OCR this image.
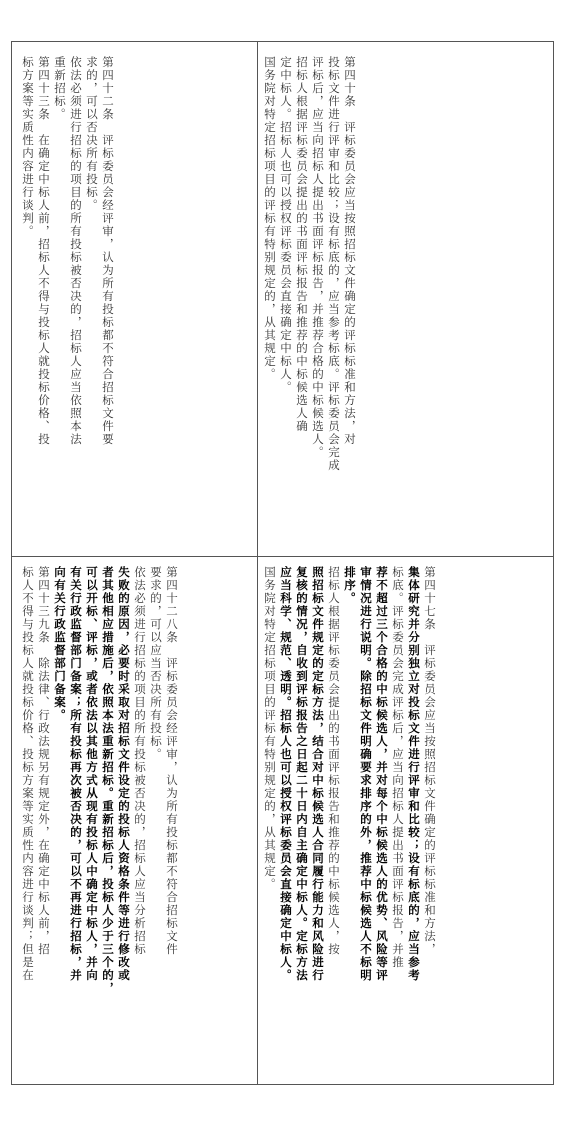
第四十二条　评标委员会经评审，认为所有投标都不符合招标文件要
求的，可以否决所有投标。
依法必须进行招标的项目的所有投标被否决的，招标人应当依照本法
重新招标。
第四十三条　在确定中标人前，招标人不得与投标人就投标价格、投
标方案等实质性内容进行谈判。	第四十条　评标委员会应当按照招标文件确定的评标标准和方法，对
投标文件进行评审和比较；设有标底的，应当参考标底。评标委员会完成
评标后，应当向招标人提出书面评标报告，并推荐合格的中标候选人。
招标人根据评标委员会提出的书面评标报告和推荐的中标候选人确
定中标人。招标人也可以授权评标委员会直接确定中标人。
国务院对特定招标项目的评标有特别规定的，从其规定。
第四十七条　评标委员会应当按照招标文件确定的评标标准和方法，
集体研究并分别独立对投标文件进行评审和比较；设有标底的，应当参考
标底。评标委员会完成评标后，应当向招标人提出书面评标报告，并推
荐不超过三个合格的中标候选人，并对每个中标候选人的优势、风险等评
审情况进行说明。除招标文件明确要求排序的外，推荐中标候选人不标明
排序。
招标人根据评标委员会提出的书面评标报告和推荐的中标候选人，按
照招标文件规定的定标方法，结合对中标候选人合同履行能力和风险进行
复核的情况，自收到评标报告之日起二十日内自主确定中标人。定标方法
应当科学、规范、透明。招标人也可以授权评标委员会直接确定中标人。
国务院对特定招标项目的评标有特别规定的，从其规定。
第四十二八条　评标委员会经评审，认为所有投标都不符合招标文件
要求的，可以应当否决所有投标。
依法必须进行招标的项目的所有投标被否决的，招标人应当分析招标
失败的原因，必要时采取对招标文件设定的投标人资格条件等进行修改或
者其他相应措施后，依照本法重新招标。重新招标后，投标人少于三个的，
可以开标、评标，或者依法以其他方式从现有投标人中确定中标人，并向
有关行政监督部门备案；所有投标再次被否决的，可以不再进行招标，并
向有关行政监督部门备案。
第四十三九条　除法律、行政法规另有规定外，在确定中标人前，招
标人不得与投标人就投标价格、投标方案等实质性内容进行谈判；但是在
